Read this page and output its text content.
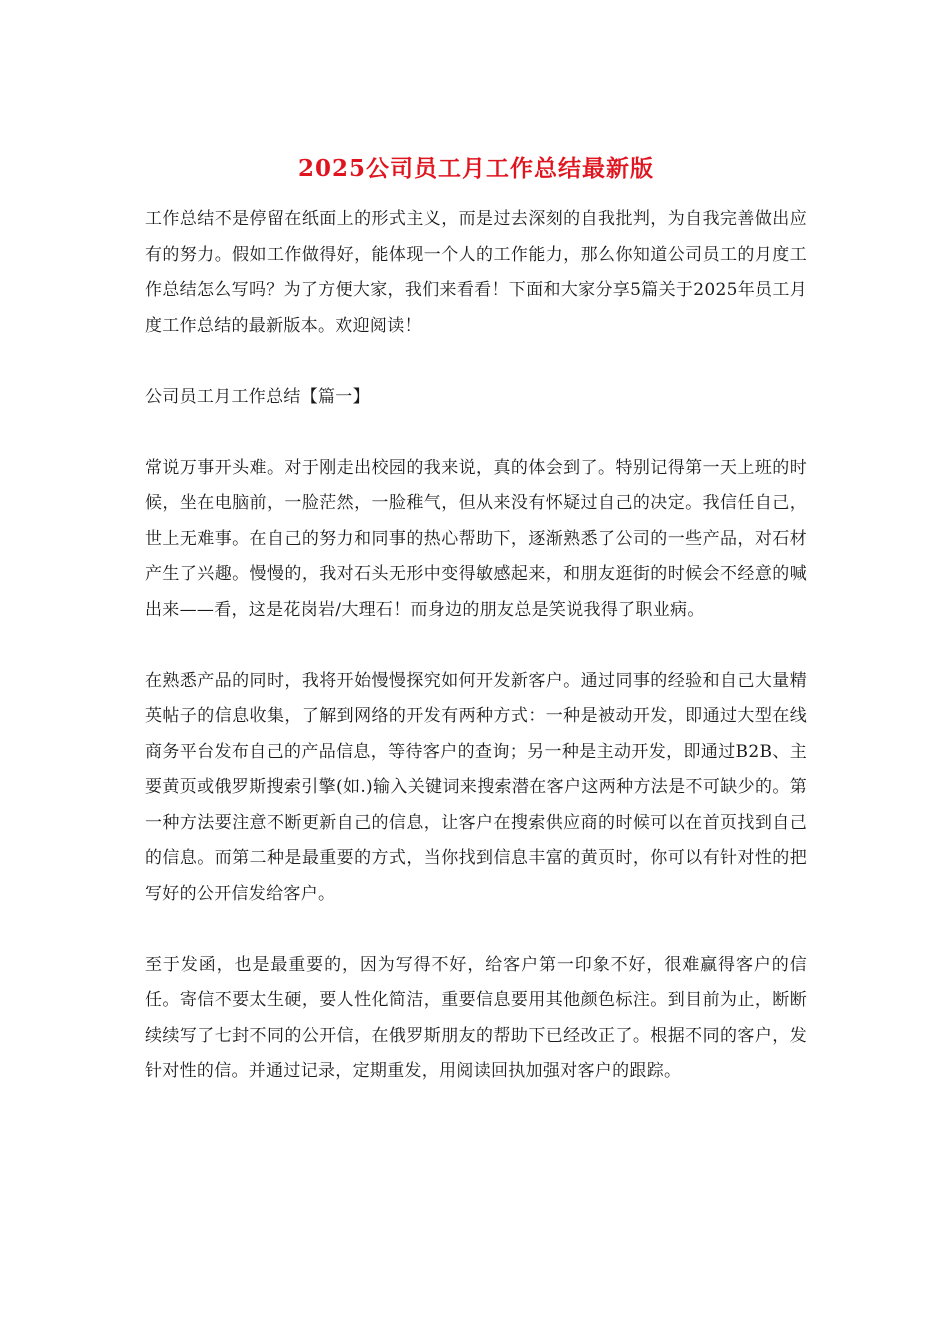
2025公司员工月工作总结最新版

工作总结不是停留在纸面上的形式主义，而是过去深刻的自我批判，为自我完善做出应有的努力。假如工作做得好，能体现一个人的工作能力，那么你知道公司员工的月度工作总结怎么写吗？为了方便大家，我们来看看！下面和大家分享5篇关于2025年员工月度工作总结的最新版本。欢迎阅读！

公司员工月工作总结【篇一】

常说万事开头难。对于刚走出校园的我来说，真的体会到了。特别记得第一天上班的时候，坐在电脑前，一脸茫然，一脸稚气，但从来没有怀疑过自己的决定。我信任自己，世上无难事。在自己的努力和同事的热心帮助下，逐渐熟悉了公司的一些产品，对石材产生了兴趣。慢慢的，我对石头无形中变得敏感起来，和朋友逛街的时候会不经意的喊出来——看，这是花岗岩/大理石！而身边的朋友总是笑说我得了职业病。

在熟悉产品的同时，我将开始慢慢探究如何开发新客户。通过同事的经验和自己大量精英帖子的信息收集，了解到网络的开发有两种方式：一种是被动开发，即通过大型在线商务平台发布自己的产品信息，等待客户的查询；另一种是主动开发，即通过B2B、主要黄页或俄罗斯搜索引擎(如.)输入关键词来搜索潜在客户这两种方法是不可缺少的。第一种方法要注意不断更新自己的信息，让客户在搜索供应商的时候可以在首页找到自己的信息。而第二种是最重要的方式，当你找到信息丰富的黄页时，你可以有针对性的把写好的公开信发给客户。

至于发函，也是最重要的，因为写得不好，给客户第一印象不好，很难赢得客户的信任。寄信不要太生硬，要人性化简洁，重要信息要用其他颜色标注。到目前为止，断断续续写了七封不同的公开信，在俄罗斯朋友的帮助下已经改正了。根据不同的客户，发针对性的信。并通过记录，定期重发，用阅读回执加强对客户的跟踪。
